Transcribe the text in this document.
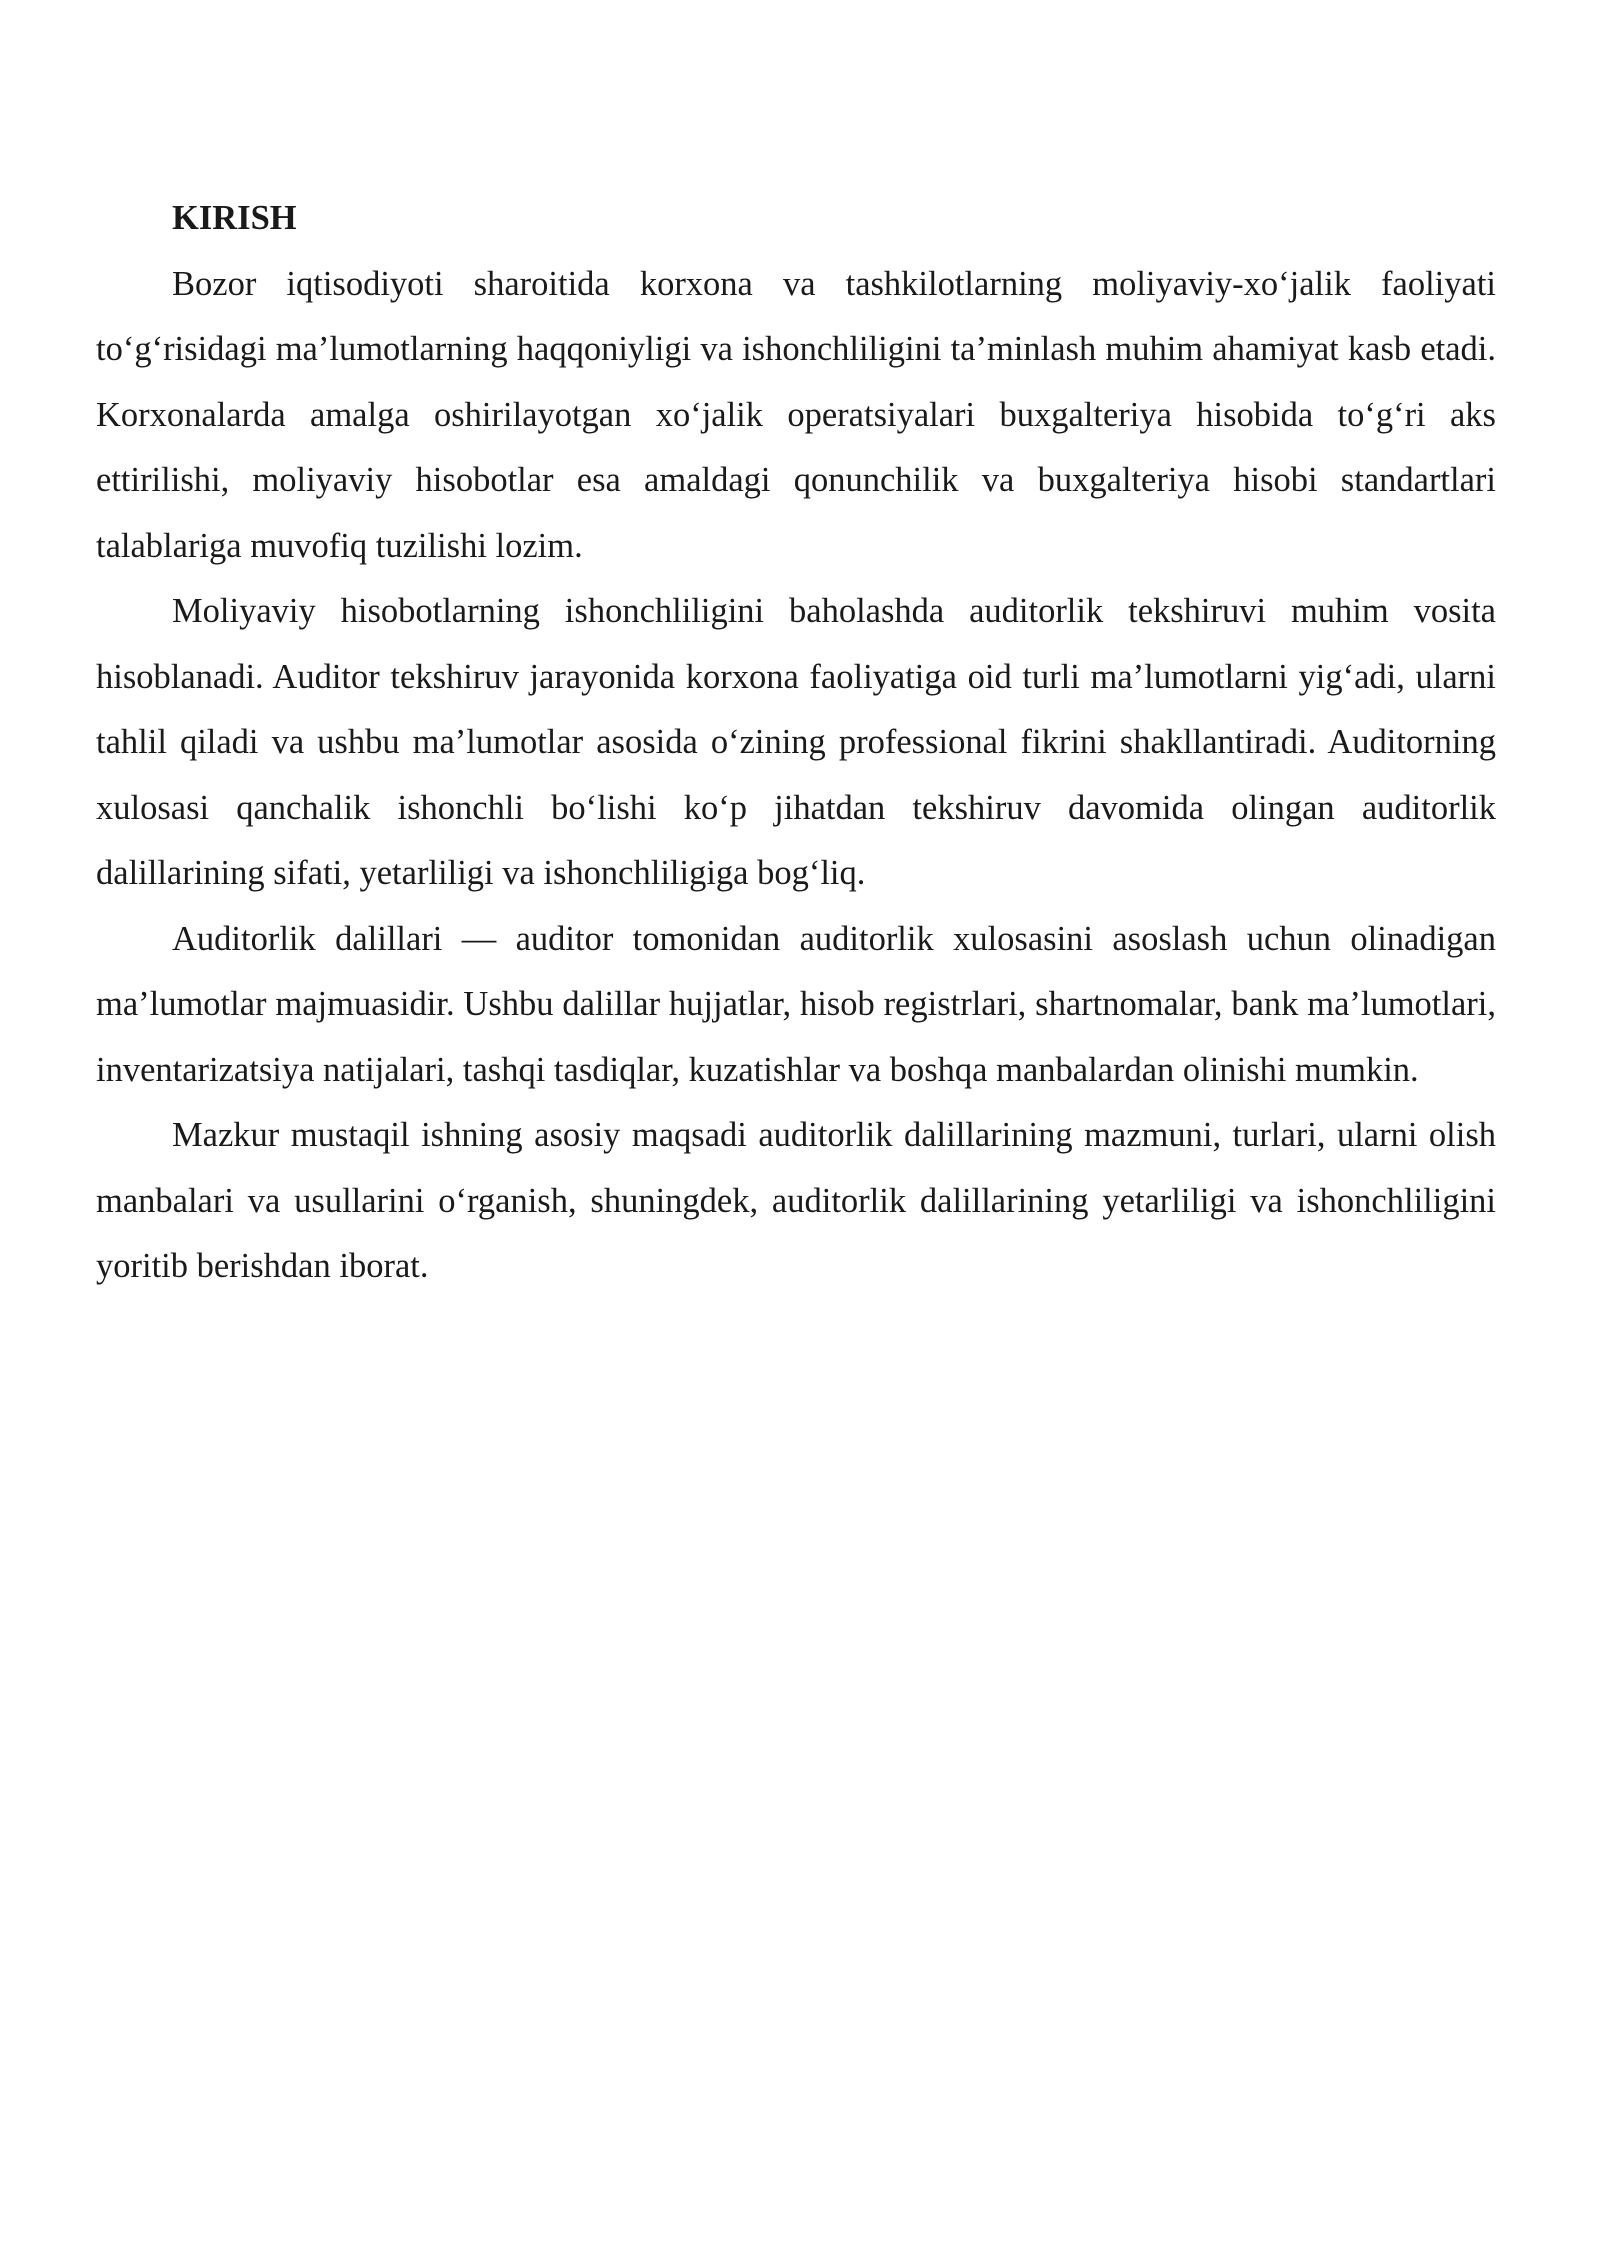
KIRISH

Bozor iqtisodiyoti sharoitida korxona va tashkilotlarning moliyaviy-xo‘jalik faoliyati to‘g‘risidagi ma’lumotlarning haqqoniyligi va ishonchliligini ta’minlash muhim ahamiyat kasb etadi. Korxonalarda amalga oshirilayotgan xo‘jalik operatsiyalari buxgalteriya hisobida to‘g‘ri aks ettirilishi, moliyaviy hisobotlar esa amaldagi qonunchilik va buxgalteriya hisobi standartlari talablariga muvofiq tuzilishi lozim.

Moliyaviy hisobotlarning ishonchliligini baholashda auditorlik tekshiruvi muhim vosita hisoblanadi. Auditor tekshiruv jarayonida korxona faoliyatiga oid turli ma’lumotlarni yig‘adi, ularni tahlil qiladi va ushbu ma’lumotlar asosida o‘zining professional fikrini shakllantiradi. Auditorning xulosasi qanchalik ishonchli bo‘lishi ko‘p jihatdan tekshiruv davomida olingan auditorlik dalillarining sifati, yetarliligi va ishonchliligiga bog‘liq.

Auditorlik dalillari — auditor tomonidan auditorlik xulosasini asoslash uchun olinadigan ma’lumotlar majmuasidir. Ushbu dalillar hujjatlar, hisob registrlari, shartnomalar, bank ma’lumotlari, inventarizatsiya natijalari, tashqi tasdiqlar, kuzatishlar va boshqa manbalardan olinishi mumkin.

Mazkur mustaqil ishning asosiy maqsadi auditorlik dalillarining mazmuni, turlari, ularni olish manbalari va usullarini o‘rganish, shuningdek, auditorlik dalillarining yetarliligi va ishonchliligini yoritib berishdan iborat.
